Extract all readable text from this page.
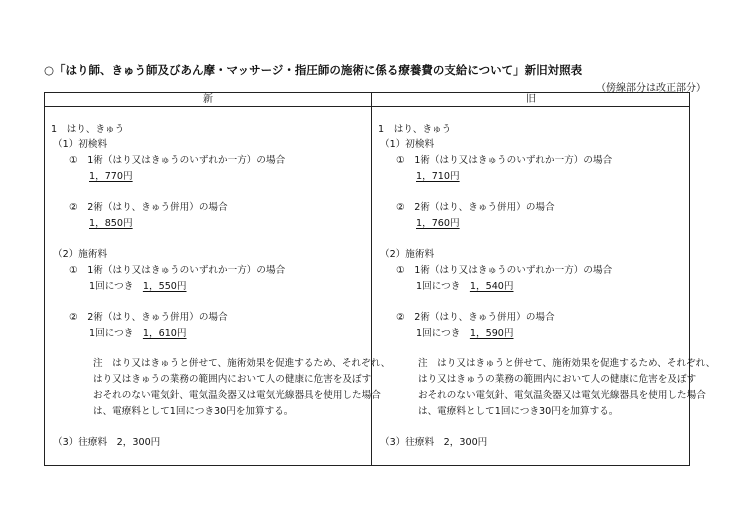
○「はり師、きゅう師及びあん摩・マッサージ・指圧師の施術に係る療養費の支給について」新旧対照表
（傍線部分は改正部分）
新	旧
1　はり、きゅう
（1）初検料
①　1術（はり又はきゅうのいずれか一方）の場合
1，770円
②　2術（はり、きゅう併用）の場合
1，850円
（2）施術料
①　1術（はり又はきゅうのいずれか一方）の場合
1回につき　 1，550円
②　2術（はり、きゅう併用）の場合
1回につき　 1，610円
注　はり又はきゅうと併せて、施術効果を促進するため、それぞれ、
はり又はきゅうの業務の範囲内において人の健康に危害を及ぼす
おそれのない電気針、電気温灸器又は電気光線器具を使用した場合
は、電療料として1回につき30円を加算する。
（3）往療料　2，300円
1　はり、きゅう
（1）初検料
①　1術（はり又はきゅうのいずれか一方）の場合
1，710円
②　2術（はり、きゅう併用）の場合
1，760円
（2）施術料
①　1術（はり又はきゅうのいずれか一方）の場合
1回につき　 1，540円
②　2術（はり、きゅう併用）の場合
1回につき　 1，590円
注　はり又はきゅうと併せて、施術効果を促進するため、それぞれ、
はり又はきゅうの業務の範囲内において人の健康に危害を及ぼす
おそれのない電気針、電気温灸器又は電気光線器具を使用した場合
は、電療料として1回につき30円を加算する。
（3）往療料　2，300円
